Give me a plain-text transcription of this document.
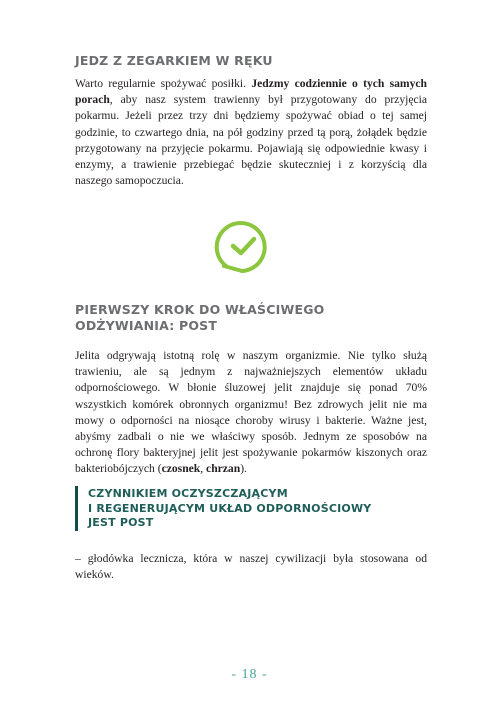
JEDZ Z ZEGARKIEM W RĘKU

Warto regularnie spożywać posiłki. Jedzmy codziennie o tych samych porach, aby nasz system trawienny był przygotowany do przyjęcia pokarmu. Jeżeli przez trzy dni będziemy spożywać obiad o tej samej godzinie, to czwartego dnia, na pół godziny przed tą porą, żołądek będzie przygotowany na przyjęcie pokarmu. Pojawiają się odpowiednie kwasy i enzymy, a trawienie przebiegać będzie skuteczniej i z korzyścią dla naszego samopoczucia.

PIERWSZY KROK DO WŁAŚCIWEGO
ODŻYWIANIA: POST

Jelita odgrywają istotną rolę w naszym organizmie. Nie tylko służą trawieniu, ale są jednym z najważniejszych elementów układu odpornościowego. W błonie śluzowej jelit znajduje się ponad 70% wszystkich komórek obronnych organizmu! Bez zdrowych jelit nie ma mowy o odporności na niosące choroby wirusy i bakterie. Ważne jest, abyśmy zadbali o nie we właściwy sposób. Jednym ze sposobów na ochronę flory bakteryjnej jelit jest spożywanie pokarmów kiszonych oraz bakteriobójczych (czosnek, chrzan).

CZYNNIKIEM OCZYSZCZAJĄCYM
I REGENERUJĄCYM UKŁAD ODPORNOŚCIOWY
JEST POST

– głodówka lecznicza, która w naszej cywilizacji była stosowana od wieków.

- 18 -
